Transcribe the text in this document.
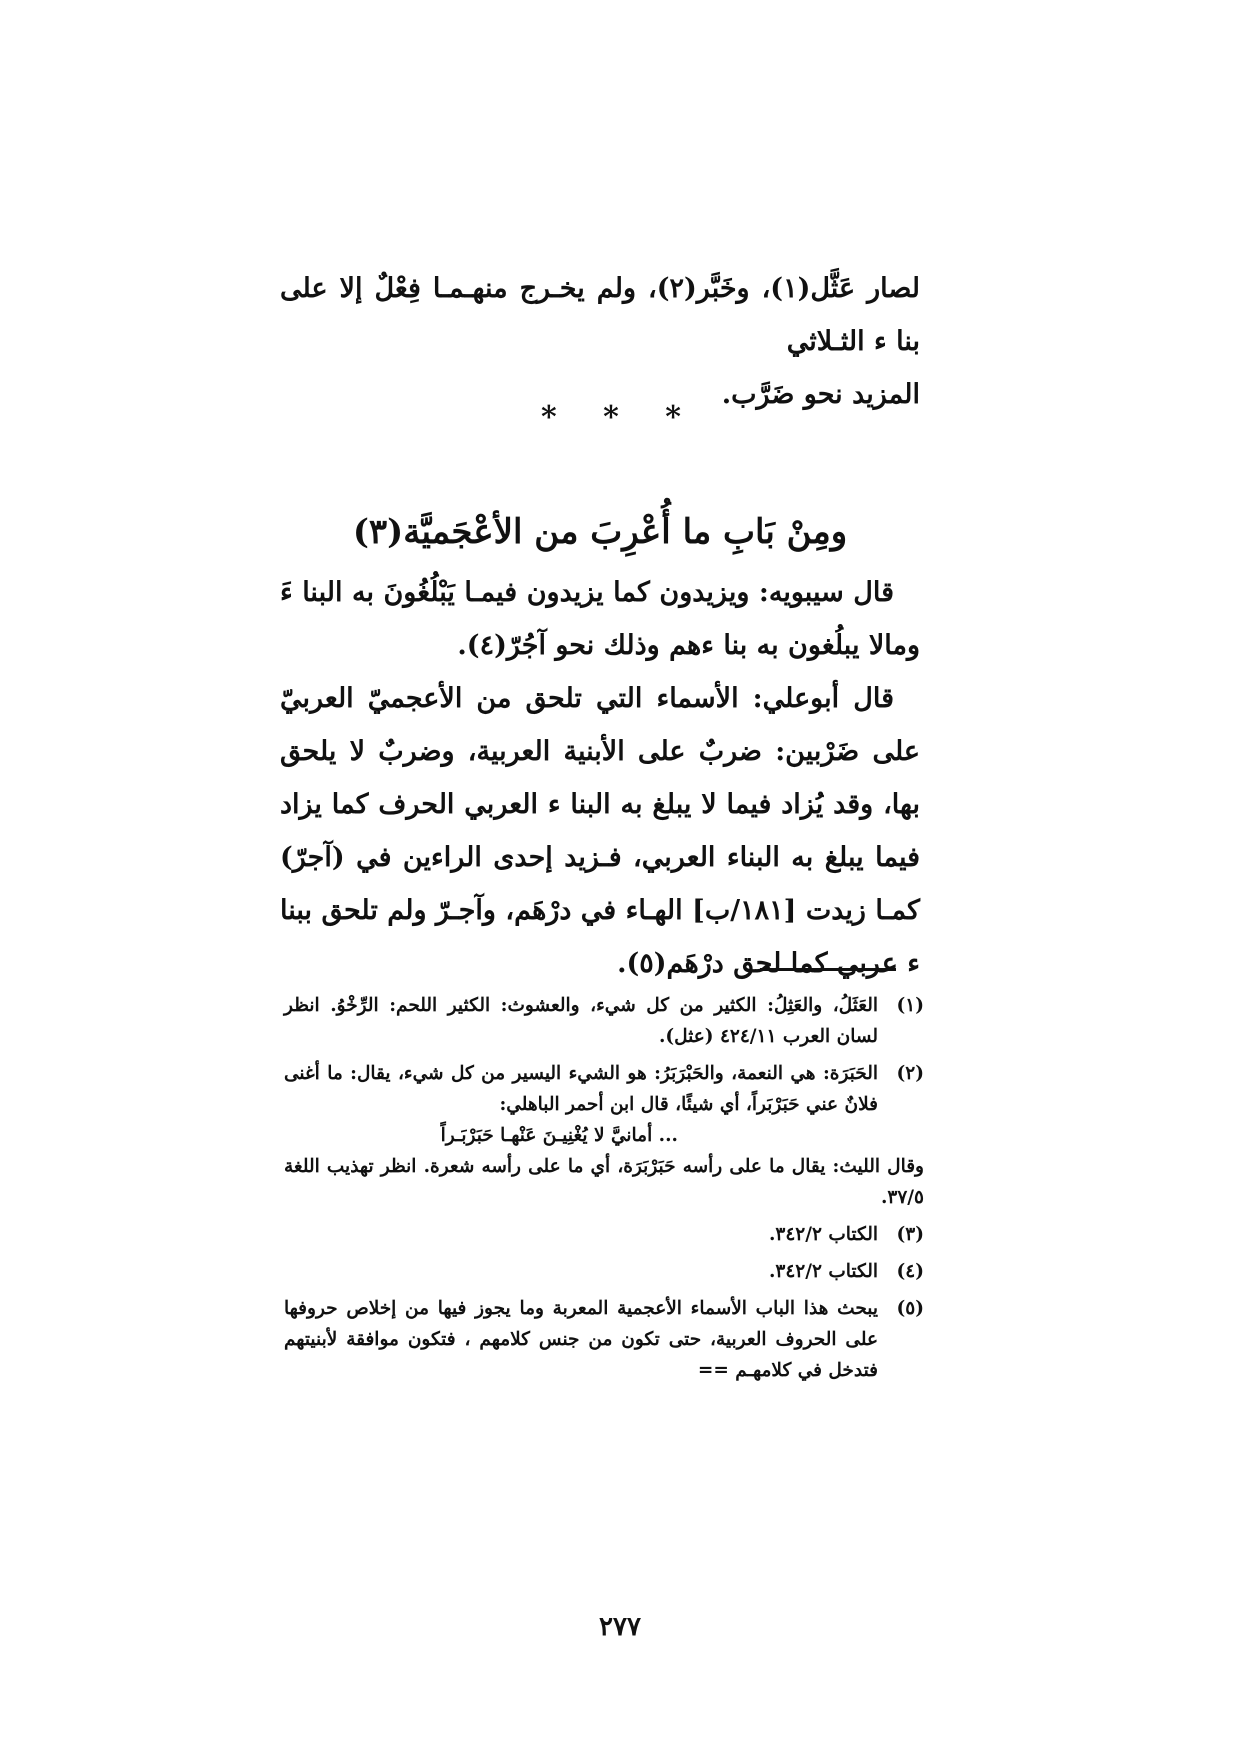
لصار عَثَّل(١)، وخَبَّر(٢)، ولم يخـرج منهـمـا فِعْلٌ إلا على بنا ء الثـلاثي

المزيد نحو ضَرَّب.

* * *
ومِنْ بَابِ ما أُعْرِبَ من الأعْجَميَّة(٣)

قال سيبويه: ويزيدون كما يزيدون فيمـا يَبْلُغُونَ به البنا ءَ ومالا يبلُغون به بنا ءهم وذلك نحو آجُرّ(٤).

قال أبوعلي: الأسماء التي تلحق من الأعجميّ العربيّ على ضَرْبين: ضربٌ على الأبنية العربية، وضربٌ لا يلحق بها، وقد يُزاد فيما لا يبلغ به البنا ء العربي الحرف كما يزاد فيما يبلغ به البناء العربي، فـزيد إحدى الراءين في (آجرّ) كمـا زيدت [١٨١/ب] الهـاء في درْهَم، وآجـرّ ولم تلحق ببنا ء عربي كما لحق درْهَم(٥).

(١)
العَثَلُ، والعَثِلُ: الكثير من كل شيء، والعشوث: الكثير اللحم: الرِّخْوُ. انظر لسان العرب ٤٢٤/١١ (عثل).
(٢)
الحَبَرَة: هي النعمة، والحَبْرَبَرُ: هو الشيء اليسير من كل شيء، يقال: ما أغنى فلانٌ عني حَبَرْبَراً، أي شيئًا، قال ابن أحمر الباهلي:
... أمانيَّ لا يُغْنِيـنَ عَنْهـا حَبَرْبَـراً
وقال الليث: يقال ما على رأسه حَبَرْبَرَة، أي ما على رأسه شعرة. انظر تهذيب اللغة ٣٧/٥.
(٣)
الكتاب ٣٤٢/٢.
(٤)
الكتاب ٣٤٢/٢.
(٥)
يبحث هذا الباب الأسماء الأعجمية المعربة وما يجوز فيها من إخلاص حروفها على الحروف العربية، حتى تكون من جنس كلامهم ، فتكون موافقة لأبنيتهم فتدخل في كلامهـم ==
٢٧٧
